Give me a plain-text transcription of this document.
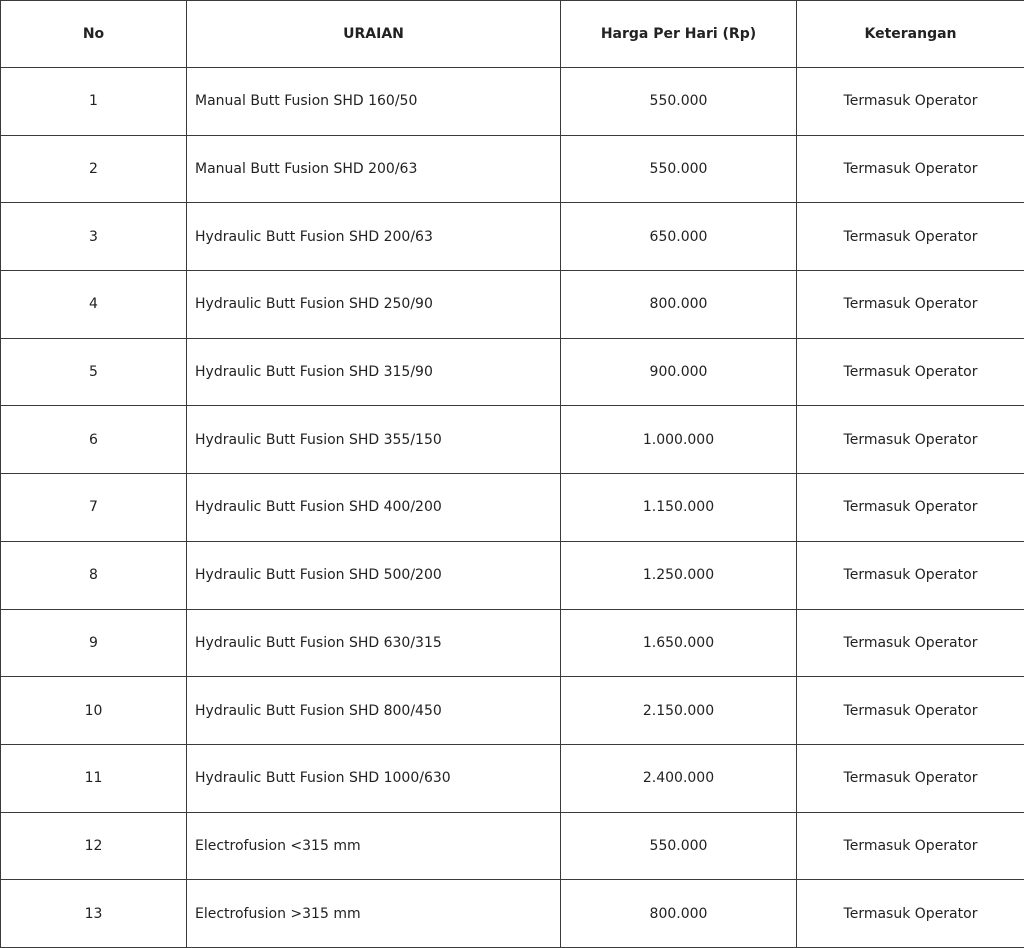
No	URAIAN	Harga Per Hari (Rp)	Keterangan
1	Manual Butt Fusion SHD 160/50	550.000	Termasuk Operator
2	Manual Butt Fusion SHD 200/63	550.000	Termasuk Operator
3	Hydraulic Butt Fusion SHD 200/63	650.000	Termasuk Operator
4	Hydraulic Butt Fusion SHD 250/90	800.000	Termasuk Operator
5	Hydraulic Butt Fusion SHD 315/90	900.000	Termasuk Operator
6	Hydraulic Butt Fusion SHD 355/150	1.000.000	Termasuk Operator
7	Hydraulic Butt Fusion SHD 400/200	1.150.000	Termasuk Operator
8	Hydraulic Butt Fusion SHD 500/200	1.250.000	Termasuk Operator
9	Hydraulic Butt Fusion SHD 630/315	1.650.000	Termasuk Operator
10	Hydraulic Butt Fusion SHD 800/450	2.150.000	Termasuk Operator
11	Hydraulic Butt Fusion SHD 1000/630	2.400.000	Termasuk Operator
12	Electrofusion <315 mm	550.000	Termasuk Operator
13	Electrofusion >315 mm	800.000	Termasuk Operator
